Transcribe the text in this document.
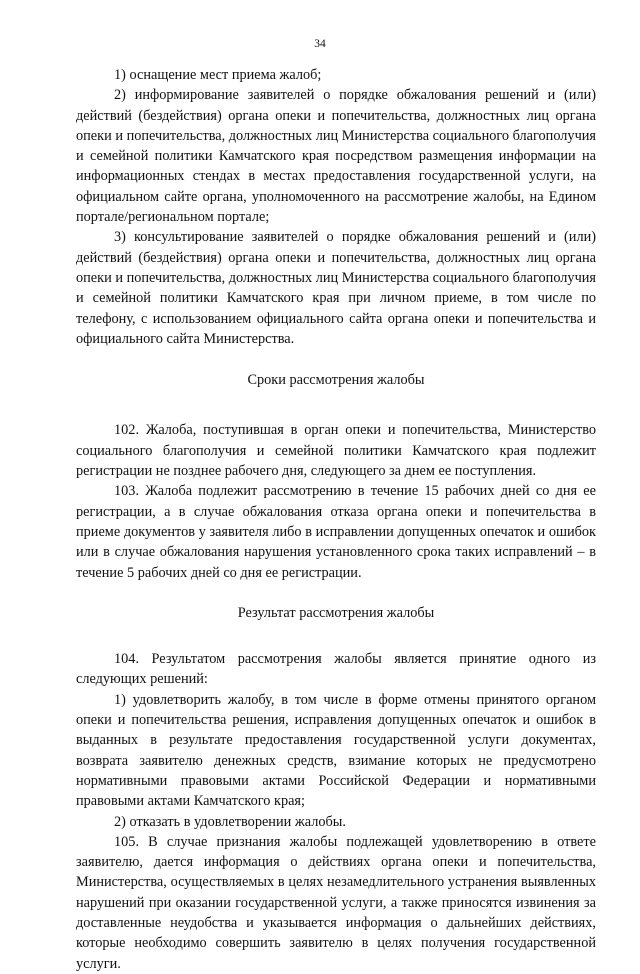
34

1) оснащение мест приема жалоб;

2) информирование заявителей о порядке обжалования решений и (или) действий (бездействия) органа опеки и попечительства, должностных лиц органа опеки и попечительства, должностных лиц Министерства социального благополучия и семейной политики Камчатского края посредством размещения информации на информационных стендах в местах предоставления государственной услуги, на официальном сайте органа, уполномоченного на рассмотрение жалобы, на Едином портале/региональном портале;

3) консультирование заявителей о порядке обжалования решений и (или) действий (бездействия) органа опеки и попечительства, должностных лиц органа опеки и попечительства, должностных лиц Министерства социального благополучия и семейной политики Камчатского края при личном приеме, в том числе по телефону, с использованием официального сайта органа опеки и попечительства и официального сайта Министерства.

Сроки рассмотрения жалобы

102. Жалоба, поступившая в орган опеки и попечительства, Министерство социального благополучия и семейной политики Камчатского края подлежит регистрации не позднее рабочего дня, следующего за днем ее поступления.

103. Жалоба подлежит рассмотрению в течение 15 рабочих дней со дня ее регистрации, а в случае обжалования отказа органа опеки и попечительства в приеме документов у заявителя либо в исправлении допущенных опечаток и ошибок или в случае обжалования нарушения установленного срока таких исправлений – в течение 5 рабочих дней со дня ее регистрации.

Результат рассмотрения жалобы

104. Результатом рассмотрения жалобы является принятие одного из следующих решений:

1) удовлетворить жалобу, в том числе в форме отмены принятого органом опеки и попечительства решения, исправления допущенных опечаток и ошибок в выданных в результате предоставления государственной услуги документах, возврата заявителю денежных средств, взимание которых не предусмотрено нормативными правовыми актами Российской Федерации и нормативными правовыми актами Камчатского края;

2) отказать в удовлетворении жалобы.

105. В случае признания жалобы подлежащей удовлетворению в ответе заявителю, дается информация о действиях органа опеки и попечительства, Министерства, осуществляемых в целях незамедлительного устранения выявленных нарушений при оказании государственной услуги, а также приносятся извинения за доставленные неудобства и указывается информация о дальнейших действиях, которые необходимо совершить заявителю в целях получения государственной услуги.
